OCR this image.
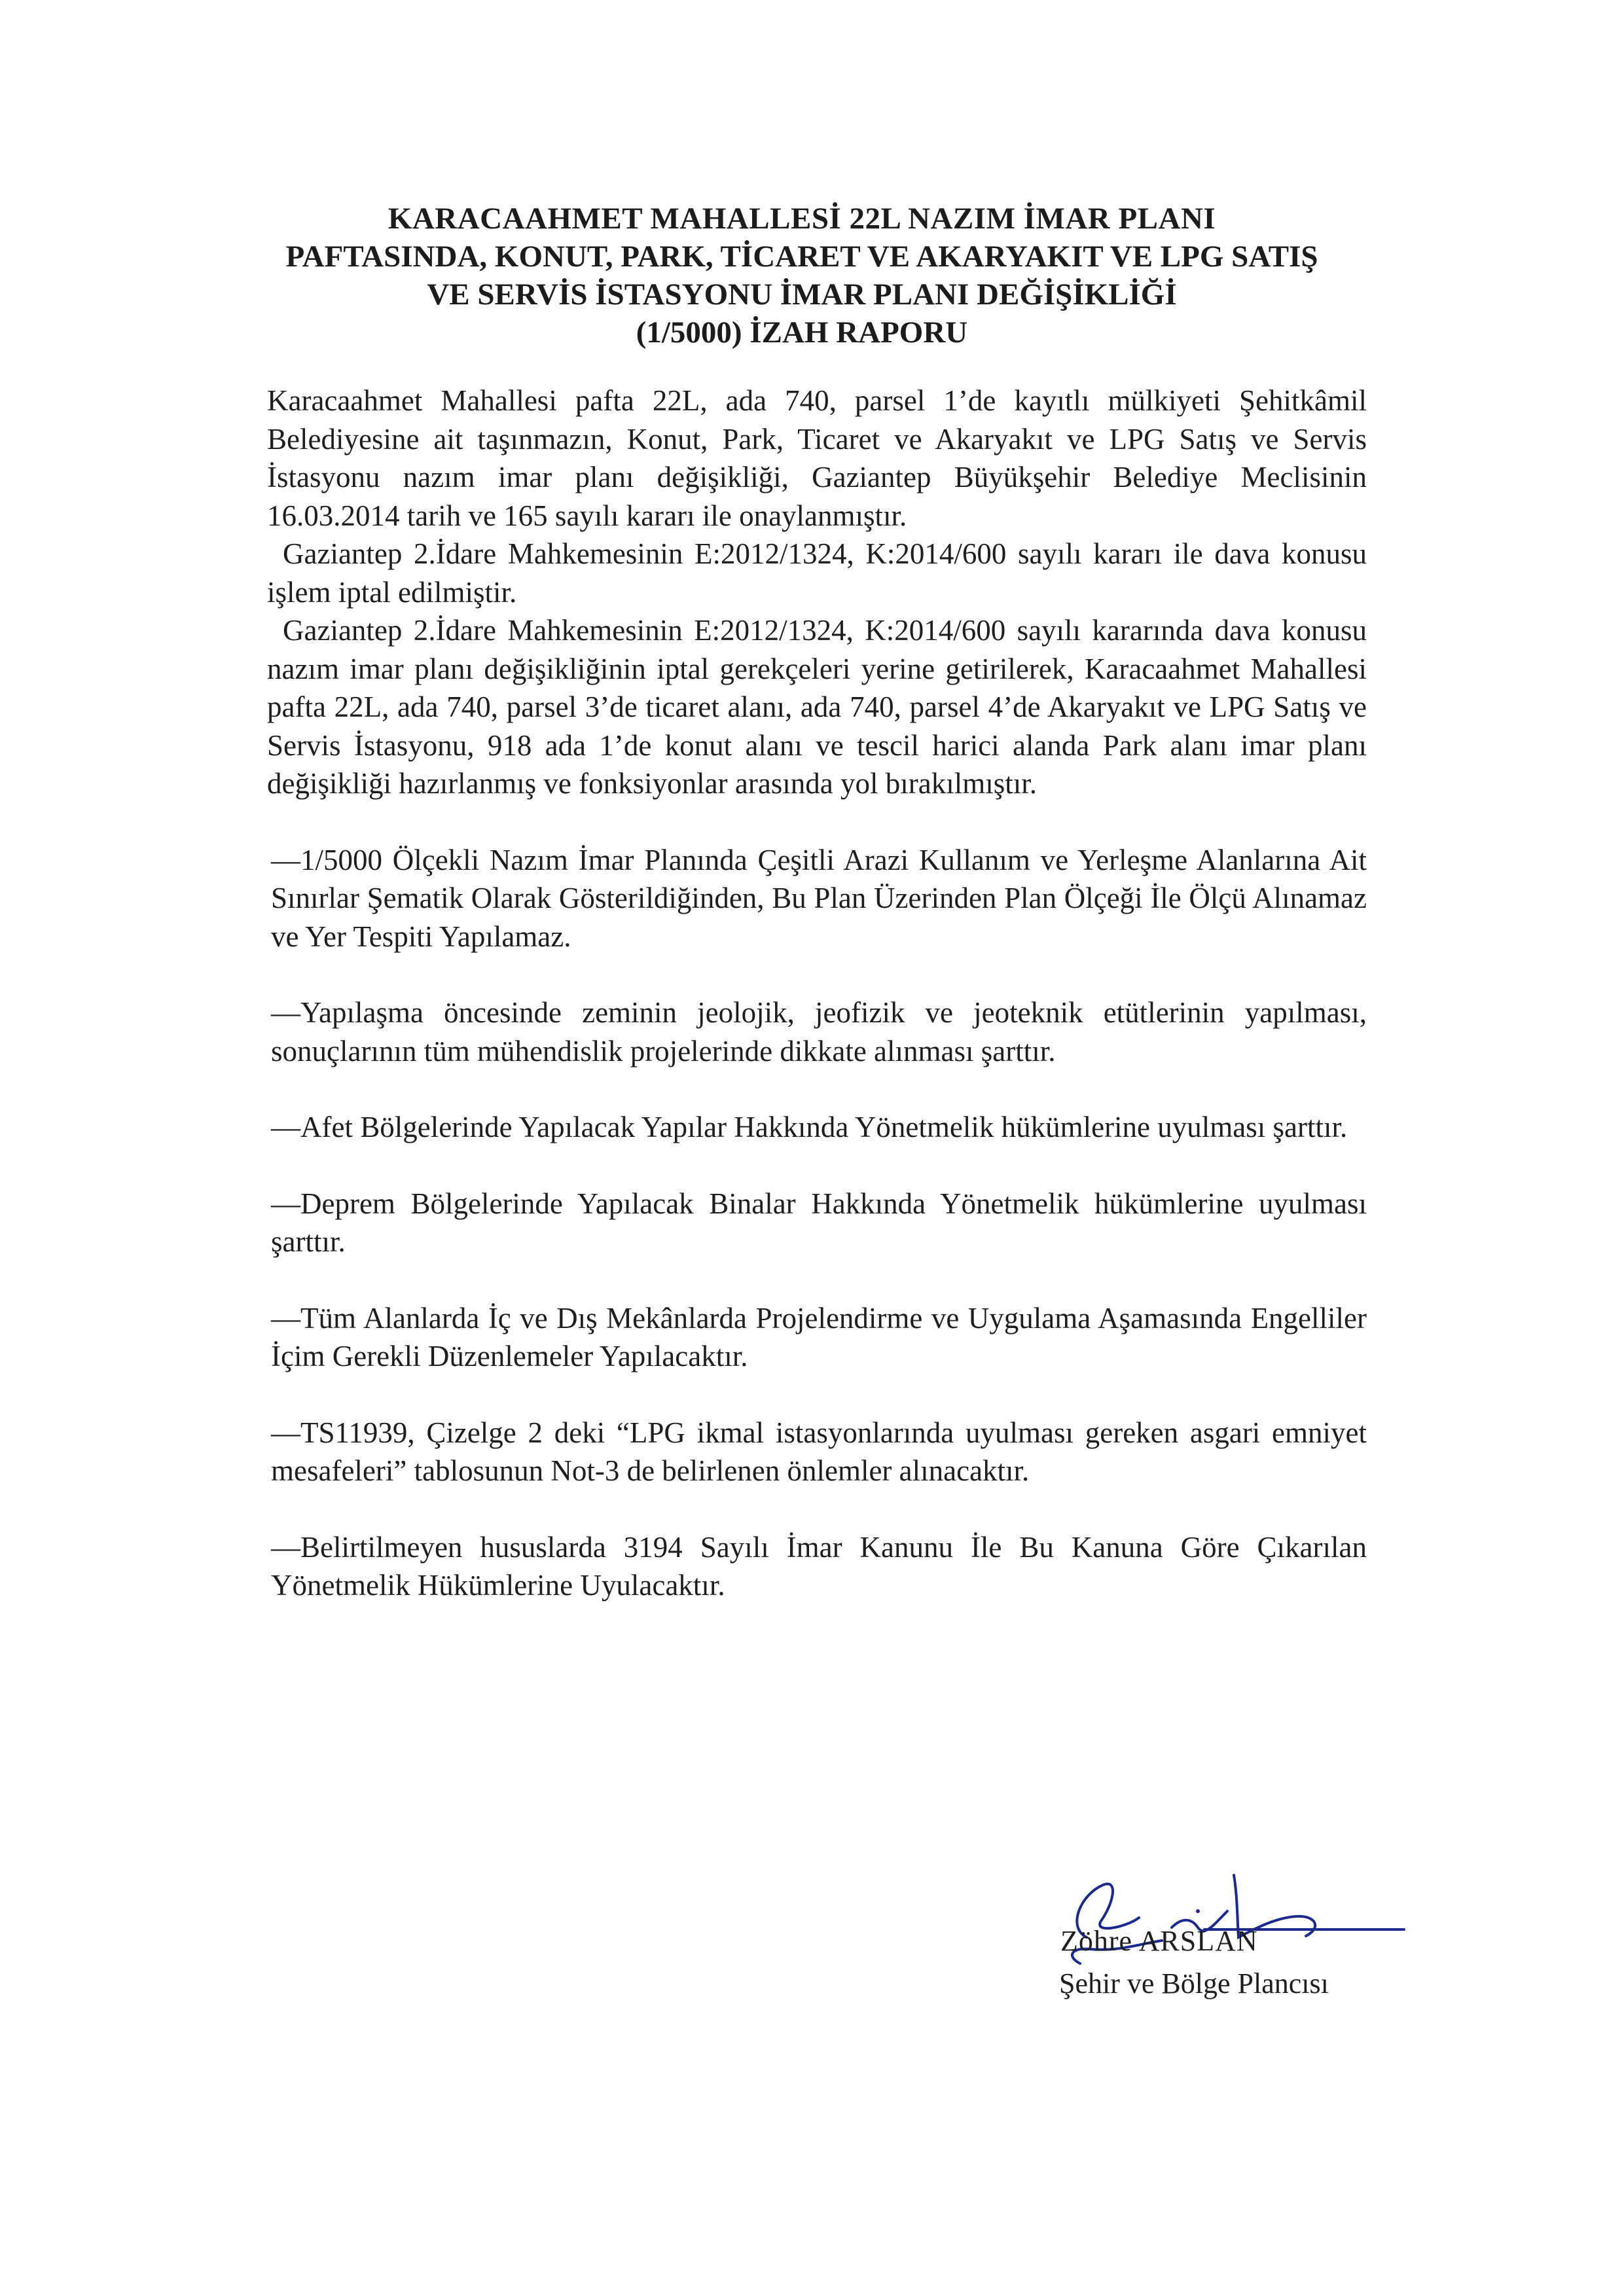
KARACAAHMET MAHALLESİ 22L NAZIM İMAR PLANI
PAFTASINDA, KONUT, PARK, TİCARET VE AKARYAKIT VE LPG SATIŞ
VE SERVİS İSTASYONU İMAR PLANI DEĞİŞİKLİĞİ
(1/5000) İZAH RAPORU

Karacaahmet Mahallesi pafta 22L, ada 740, parsel 1’de kayıtlı mülkiyeti Şehitkâmil Belediyesine ait taşınmazın, Konut, Park, Ticaret ve Akaryakıt ve LPG Satış ve Servis İstasyonu nazım imar planı değişikliği, Gaziantep Büyükşehir Belediye Meclisinin 16.03.2014 tarih ve 165 sayılı kararı ile onaylanmıştır.

Gaziantep 2.İdare Mahkemesinin E:2012/1324, K:2014/600 sayılı kararı ile dava konusu işlem iptal edilmiştir.

Gaziantep 2.İdare Mahkemesinin E:2012/1324, K:2014/600 sayılı kararında dava konusu nazım imar planı değişikliğinin iptal gerekçeleri yerine getirilerek, Karacaahmet Mahallesi pafta 22L, ada 740, parsel 3’de ticaret alanı, ada 740, parsel 4’de Akaryakıt ve LPG Satış ve Servis İstasyonu, 918 ada 1’de konut alanı ve tescil harici alanda Park alanı imar planı değişikliği hazırlanmış ve fonksiyonlar arasında yol bırakılmıştır.

—1/5000 Ölçekli Nazım İmar Planında Çeşitli Arazi Kullanım ve Yerleşme Alanlarına Ait Sınırlar Şematik Olarak Gösterildiğinden, Bu Plan Üzerinden Plan Ölçeği İle Ölçü Alınamaz ve Yer Tespiti Yapılamaz.

—Yapılaşma öncesinde zeminin jeolojik, jeofizik ve jeoteknik etütlerinin yapılması, sonuçlarının tüm mühendislik projelerinde dikkate alınması şarttır.

—Afet Bölgelerinde Yapılacak Yapılar Hakkında Yönetmelik hükümlerine uyulması şarttır.

—Deprem Bölgelerinde Yapılacak Binalar Hakkında Yönetmelik hükümlerine uyulması şarttır.

—Tüm Alanlarda İç ve Dış Mekânlarda Projelendirme ve Uygulama Aşamasında Engelliler İçim Gerekli Düzenlemeler Yapılacaktır.

—TS11939, Çizelge 2 deki “LPG ikmal istasyonlarında uyulması gereken asgari emniyet mesafeleri” tablosunun Not-3 de belirlenen önlemler alınacaktır.

—Belirtilmeyen hususlarda 3194 Sayılı İmar Kanunu İle Bu Kanuna Göre Çıkarılan Yönetmelik Hükümlerine Uyulacaktır.

Zöhre ARSLAN
Şehir ve Bölge Plancısı
